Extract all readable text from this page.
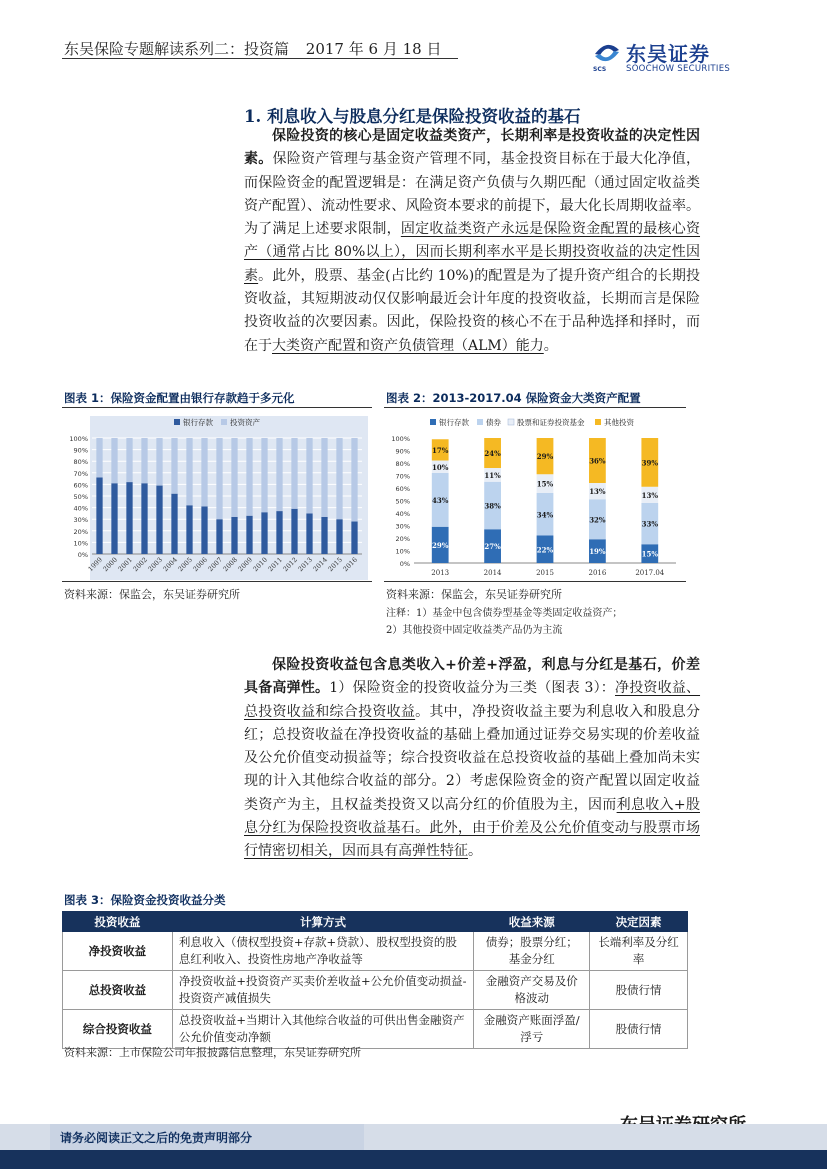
东吴保险专题解读系列二：投资篇 2017 年 6 月 18 日
SCS
东吴证券
SOOCHOW SECURITIES
1. 利息收入与股息分红是保险投资收益的基石
保险投资的核心是固定收益类资产，长期利率是投资收益的决定性因素。保险资产管理与基金资产管理不同，基金投资目标在于最大化净值，而保险资金的配置逻辑是：在满足资产负债与久期匹配（通过固定收益类资产配置）、流动性要求、风险资本要求的前提下，最大化长周期收益率。为了满足上述要求限制，固定收益类资产永远是保险资金配置的最核心资产（通常占比 80%以上），因而长期利率水平是长期投资收益的决定性因素。此外，股票、基金(占比约 10%)的配置是为了提升资产组合的长期投资收益，其短期波动仅仅影响最近会计年度的投资收益，长期而言是保险投资收益的次要因素。因此，保险投资的核心不在于品种选择和择时，而在于大类资产配置和资产负债管理（ALM）能力。
图表 1：保险资金配置由银行存款趋于多元化
0%
10%
20%
30%
40%
50%
60%
70%
80%
90%
100%
1999
2000
2001
2002
2003
2004
2005
2006
2007
2008
2009
2010
2011
2012
2013
2014
2015
2016
银行存款 投资资产
资料来源：保监会，东吴证券研究所
图表 2：2013-2017.04 保险资金大类资产配置
0%
10%
20%
30%
40%
50%
60%
70%
80%
90%
100%
29%
43%
10%
17%
2013
27%
38%
11%
24%
2014
22%
34%
15%
29%
2015
19%
32%
13%
36%
2016
15%
33%
13%
39%
2017.04
银行存款 债券 股票和证券投资基金	其他投资
资料来源：保监会，东吴证券研究所
注释：1）基金中包含债券型基金等类固定收益资产；
2）其他投资中固定收益类产品仍为主流
保险投资收益包含息类收入+价差+浮盈，利息与分红是基石，价差具备高弹性。1）保险资金的投资收益分为三类（图表 3）：净投资收益、总投资收益和综合投资收益。其中，净投资收益主要为利息收入和股息分红；总投资收益在净投资收益的基础上叠加通过证券交易实现的价差收益及公允价值变动损益等；综合投资收益在总投资收益的基础上叠加尚未实现的计入其他综合收益的部分。2）考虑保险资金的资产配置以固定收益类资产为主，且权益类投资又以高分红的价值股为主，因而利息收入+股息分红为保险投资收益基石。此外，由于价差及公允价值变动与股票市场行情密切相关，因而具有高弹性特征。
图表 3：保险资金投资收益分类
投资收益	计算方式	收益来源	决定因素
净投资收益	利息收入（债权型投资+存款+贷款）、股权型投资的股息红利收入、投资性房地产净收益等	债券；股票分红；基金分红	长端利率及分红率
总投资收益	净投资收益+投资资产买卖价差收益+公允价值变动损益-投资资产减值损失	金融资产交易及价格波动	股债行情
综合投资收益	总投资收益+当期计入其他综合收益的可供出售金融资产公允价值变动净额	金融资产账面浮盈/浮亏	股债行情
资料来源：上市保险公司年报披露信息整理，东吴证券研究所
请务必阅读正文之后的免责声明部分
